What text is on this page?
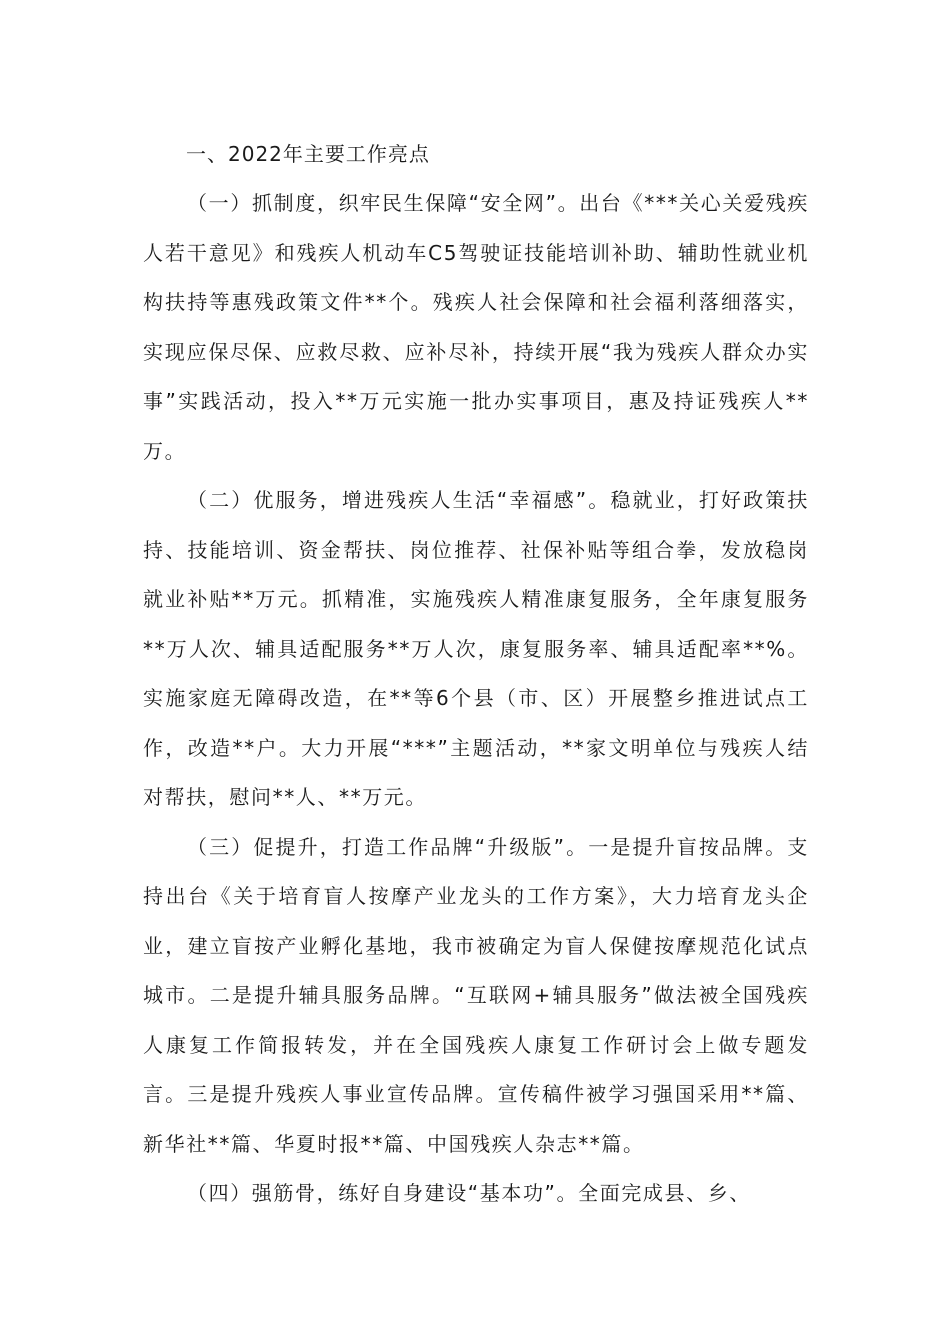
一、2022年主要工作亮点

（一）抓制度，织牢民生保障“安全网”。出台《***关心关爱残疾人若干意见》和残疾人机动车C5驾驶证技能培训补助、辅助性就业机构扶持等惠残政策文件**个。残疾人社会保障和社会福利落细落实，实现应保尽保、应救尽救、应补尽补，持续开展“我为残疾人群众办实事”实践活动，投入**万元实施一批办实事项目，惠及持证残疾人**万。

（二）优服务，增进残疾人生活“幸福感”。稳就业，打好政策扶持、技能培训、资金帮扶、岗位推荐、社保补贴等组合拳，发放稳岗就业补贴**万元。抓精准，实施残疾人精准康复服务，全年康复服务**万人次、辅具适配服务**万人次，康复服务率、辅具适配率**%。实施家庭无障碍改造，在**等6个县（市、区）开展整乡推进试点工作，改造**户。大力开展“***”主题活动，**家文明单位与残疾人结对帮扶，慰问**人、**万元。

（三）促提升，打造工作品牌“升级版”。一是提升盲按品牌。支持出台《关于培育盲人按摩产业龙头的工作方案》，大力培育龙头企业，建立盲按产业孵化基地，我市被确定为盲人保健按摩规范化试点城市。二是提升辅具服务品牌。“互联网+辅具服务”做法被全国残疾人康复工作简报转发，并在全国残疾人康复工作研讨会上做专题发言。三是提升残疾人事业宣传品牌。宣传稿件被学习强国采用**篇、新华社**篇、华夏时报**篇、中国残疾人杂志**篇。

（四）强筋骨，练好自身建设“基本功”。全面完成县、乡、
